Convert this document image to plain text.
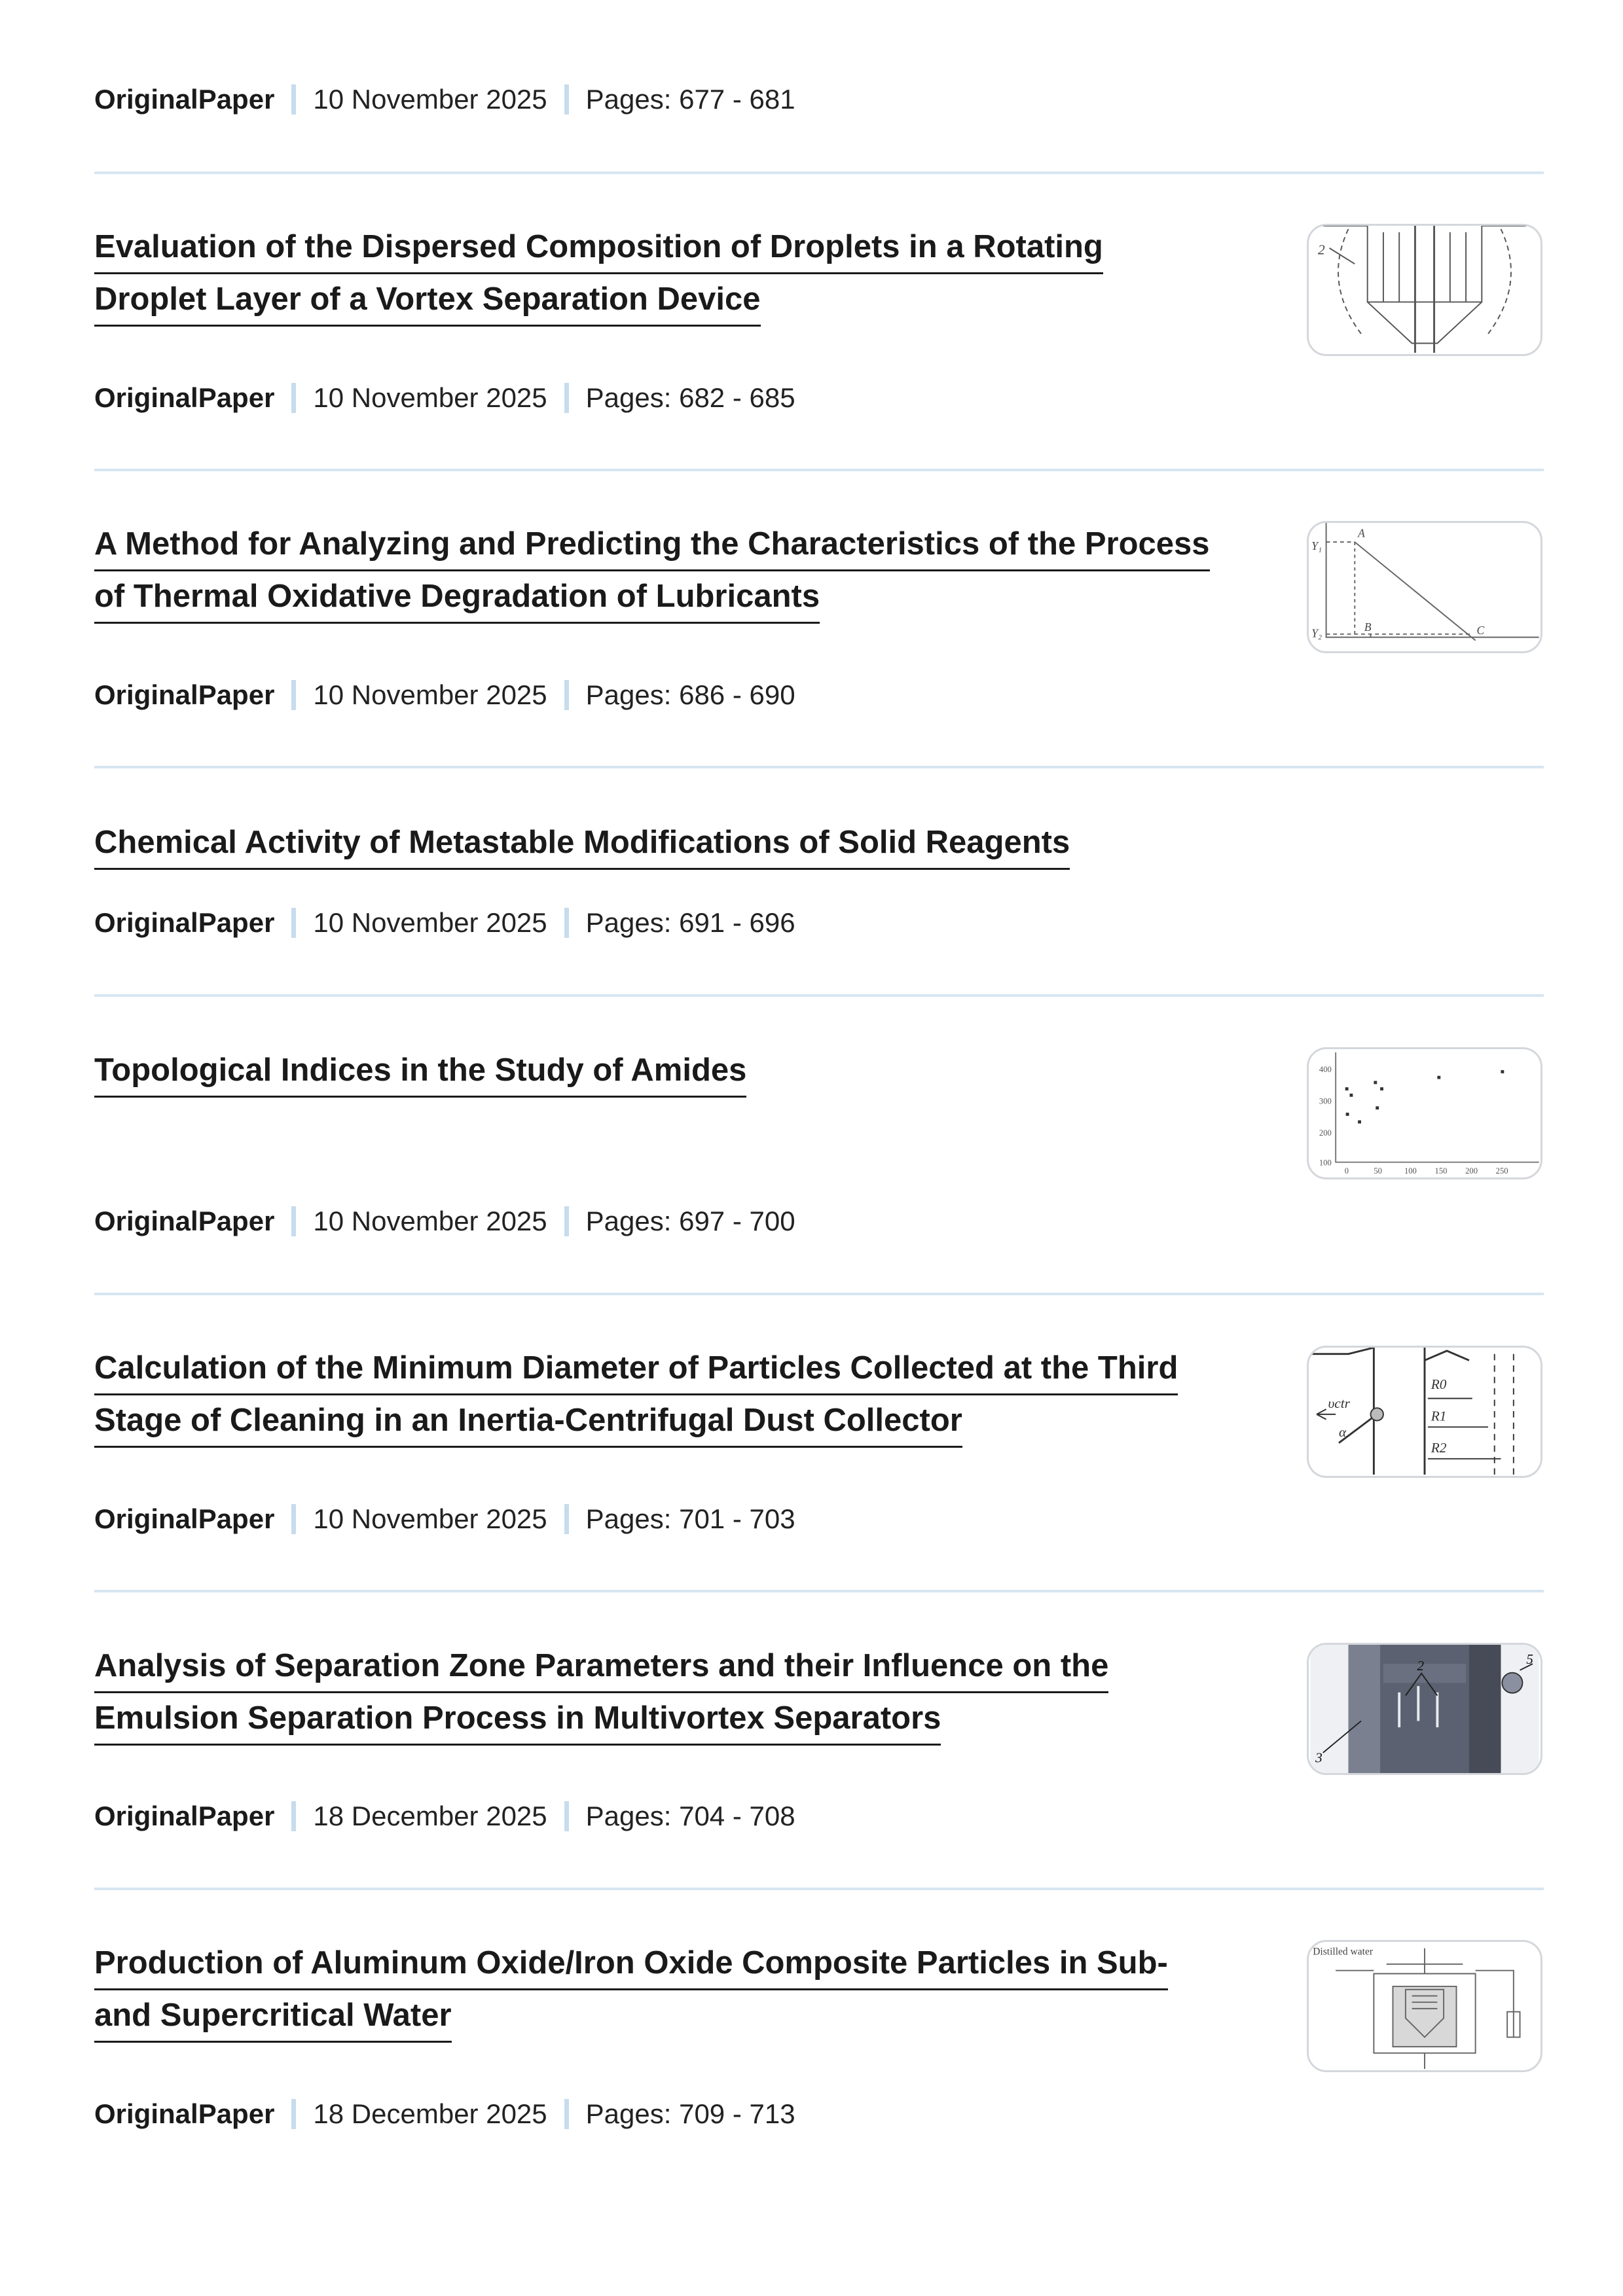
OriginalPaper 10 November 2025 Pages: 677 - 681
Evaluation of the Dispersed Composition of Droplets in a Rotating
Droplet Layer of a Vortex Separation Device
2
OriginalPaper 10 November 2025 Pages: 682 - 685
A Method for Analyzing and Predicting the Characteristics of the Process
of Thermal Oxidative Degradation of Lubricants
A
Y₁
Y₂	B	C
OriginalPaper 10 November 2025 Pages: 686 - 690
Chemical Activity of Metastable Modifications of Solid Reagents
OriginalPaper 10 November 2025 Pages: 691 - 696
Topological Indices in the Study of Amides	400
300
200
100
0	50	100 150 200 250
OriginalPaper 10 November 2025 Pages: 697 - 700
Calculation of the Minimum Diameter of Particles Collected at the Third
Stage of Cleaning in an Inertia-Centrifugal Dust Collector	υctr
α
R0
R1
R2
OriginalPaper 10 November 2025 Pages: 701 - 703
Analysis of Separation Zone Parameters and their Influence on the
Emulsion Separation Process in Multivortex Separators
2
3
5
OriginalPaper 18 December 2025 Pages: 704 - 708
Production of Aluminum Oxide/Iron Oxide Composite Particles in Sub-
and Supercritical Water
Distilled water
OriginalPaper 18 December 2025 Pages: 709 - 713
